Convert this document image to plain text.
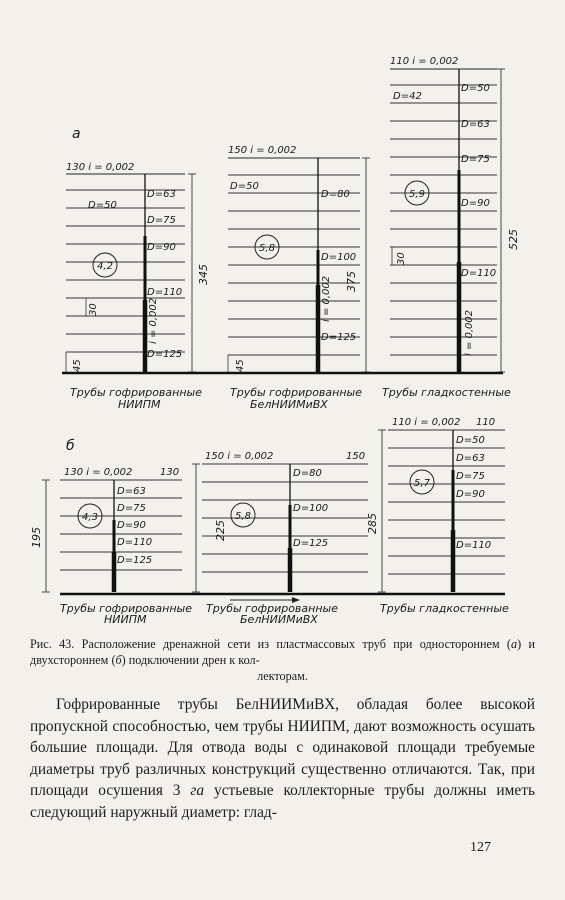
а
130 i = 0,002
4,2
D=50
D=63
D=75
D=90
D=110
D=125
i = 0,002
30
45
345
Трубы гофрированные
НИИПМ
150 i = 0,002
5,8
D=50
D=80
D=100
D=125
i = 0,002
45
375
Трубы гофрированные
БелНИИМиВХ
110 i = 0,002
5,9
D=42
D=50
D=63
D=75
D=90
D=110
i = 0,002
30
525
Трубы гладкостенные
б
130 i = 0,002	130
4,3
D=63
D=75
D=90
D=110
D=125
195
Трубы гофрированные
НИИПМ
150 i = 0,002	150
5,8
D=80
D=100
D=125
225
Трубы гофрированные
БелНИИМиВХ
110 i = 0,002 110
5,7
D=50
D=63
D=75
D=90
D=110
285
Трубы гладкостенные
Рис. 43. Расположение дренажной сети из пластмассовых труб при одностороннем (а) и двухстороннем (б) подключении дрен к кол-
лекторам.

Гофрированные трубы БелНИИМиВХ, обладая более высокой пропускной способностью, чем трубы НИИПМ, дают возможность осушать большие площади. Для отвода воды с одинаковой площади требуемые диаметры труб различных конструкций существенно отличаются. Так, при площади осушения 3 га устьевые коллекторные трубы должны иметь следующий наружный диаметр: глад-

127
